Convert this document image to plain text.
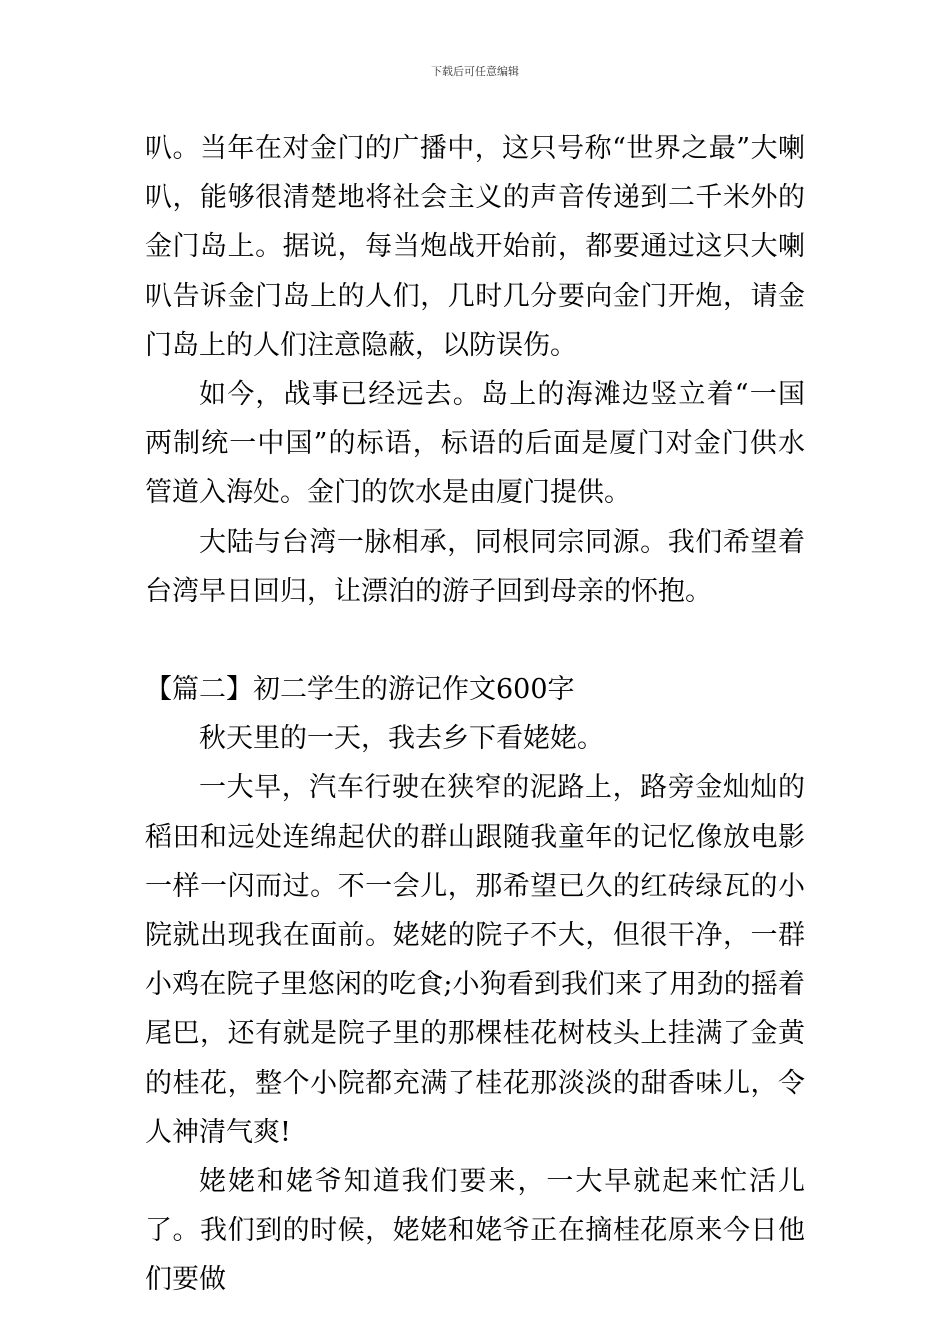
下载后可任意编辑

叭。当年在对金门的广播中，这只号称“世界之最”大喇叭，能够很清楚地将社会主义的声音传递到二千米外的金门岛上。据说，每当炮战开始前，都要通过这只大喇叭告诉金门岛上的人们，几时几分要向金门开炮，请金门岛上的人们注意隐蔽，以防误伤。

如今，战事已经远去。岛上的海滩边竖立着“一国两制统一中国”的标语，标语的后面是厦门对金门供水管道入海处。金门的饮水是由厦门提供。

大陆与台湾一脉相承，同根同宗同源。我们希望着台湾早日回归，让漂泊的游子回到母亲的怀抱。

【篇二】初二学生的游记作文600字

秋天里的一天，我去乡下看姥姥。

一大早，汽车行驶在狭窄的泥路上，路旁金灿灿的稻田和远处连绵起伏的群山跟随我童年的记忆像放电影一样一闪而过。不一会儿，那希望已久的红砖绿瓦的小院就出现我在面前。姥姥的院子不大，但很干净，一群小鸡在院子里悠闲的吃食;小狗看到我们来了用劲的摇着尾巴，还有就是院子里的那棵桂花树枝头上挂满了金黄的桂花，整个小院都充满了桂花那淡淡的甜香味儿，令人神清气爽!

姥姥和姥爷知道我们要来，一大早就起来忙活儿了。我们到的时候，姥姥和姥爷正在摘桂花原来今日他们要做
